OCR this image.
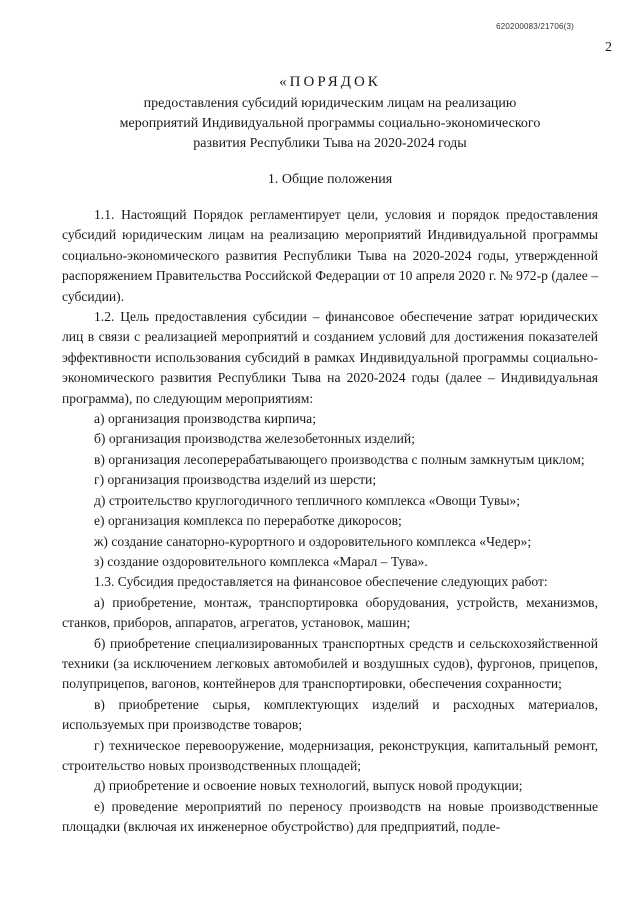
620200083/21706(3)
2

«ПОРЯДОК

предоставления субсидий юридическим лицам на реализацию

мероприятий Индивидуальной программы социально-экономического

развития Республики Тыва на 2020-2024 годы

1. Общие положения

1.1. Настоящий Порядок регламентирует цели, условия и порядок предоставления субсидий юридическим лицам на реализацию мероприятий Индивидуальной программы социально-экономического развития Республики Тыва на 2020-2024 годы, утвержденной распоряжением Правительства Российской Федерации от 10 апреля 2020 г. № 972-р (далее – субсидии).

1.2. Цель предоставления субсидии – финансовое обеспечение затрат юридических лиц в связи с реализацией мероприятий и созданием условий для достижения показателей эффективности использования субсидий в рамках Индивидуальной программы социально-экономического развития Республики Тыва на 2020-2024 годы (далее – Индивидуальная программа), по следующим мероприятиям:

а) организация производства кирпича;

б) организация производства железобетонных изделий;

в) организация лесоперерабатывающего производства с полным замкнутым циклом;

г) организация производства изделий из шерсти;

д) строительство круглогодичного тепличного комплекса «Овощи Тувы»;

е) организация комплекса по переработке дикоросов;

ж) создание санаторно-курортного и оздоровительного комплекса «Чедер»;

з) создание оздоровительного комплекса «Марал – Тува».

1.3. Субсидия предоставляется на финансовое обеспечение следующих работ:

а) приобретение, монтаж, транспортировка оборудования, устройств, механизмов, станков, приборов, аппаратов, агрегатов, установок, машин;

б) приобретение специализированных транспортных средств и сельскохозяйственной техники (за исключением легковых автомобилей и воздушных судов), фургонов, прицепов, полуприцепов, вагонов, контейнеров для транспортировки, обеспечения сохранности;

в) приобретение сырья, комплектующих изделий и расходных материалов, используемых при производстве товаров;

г) техническое перевооружение, модернизация, реконструкция, капитальный ремонт, строительство новых производственных площадей;

д) приобретение и освоение новых технологий, выпуск новой продукции;

е) проведение мероприятий по переносу производств на новые производственные площадки (включая их инженерное обустройство) для предприятий, подле-
